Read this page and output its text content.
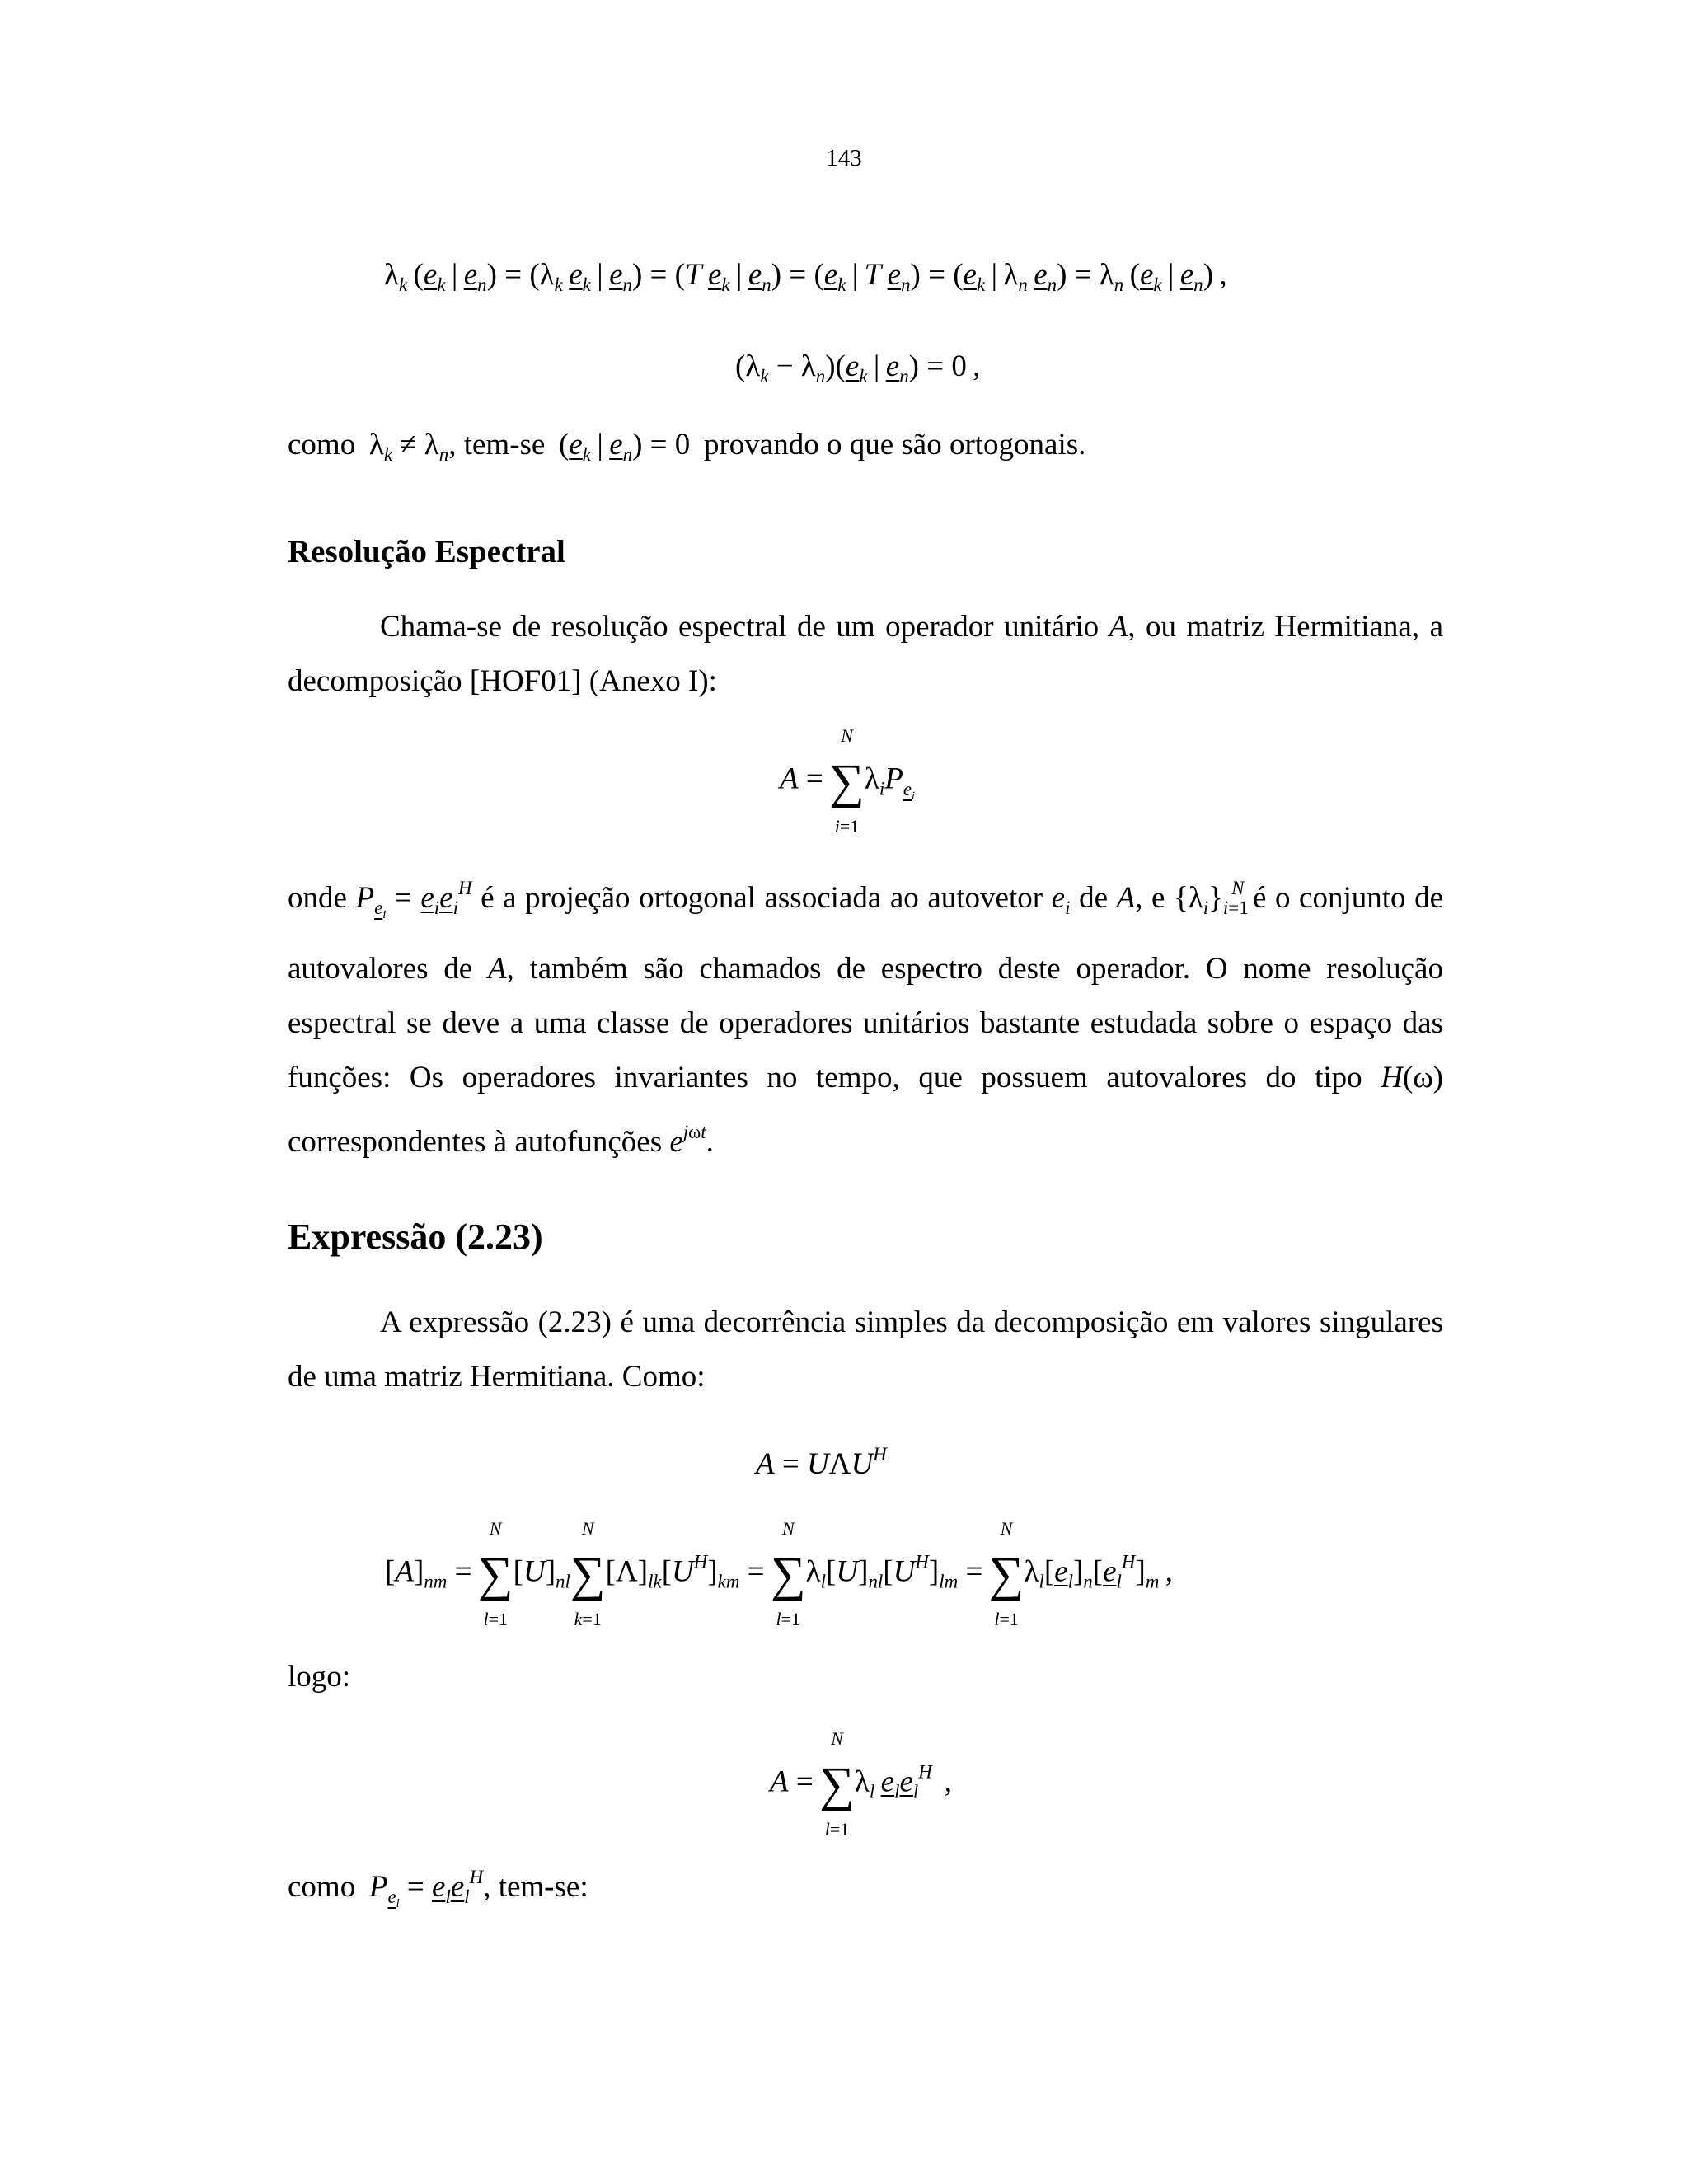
143
$\lambda_k$ ($e_k$ | $e_n) = (\lambda_k$  $e_k$ | $e_n) = (T$  $e_k$ | $e_n) = (e_k$ | T  $e_n) = (e_k$ | $\lambda_n$  $e_n) = \lambda_n$ ($e_k$ | $e_n$) ,
$(\lambda_k - \lambda_n)(e_k$ | $e_n) = 0$ ,
como  $\lambda_k \ne \lambda_n$, tem-se  ($e_k$ | $e_n) = 0$  provando o que são ortogonais.
Resolução Espectral
Chama-se de resolução espectral de um operador unitário A, ou matriz Hermitiana, a decomposição [HOF01] (Anexo I):
A = 
N
∑
i=1
$\lambda_iP_{e_i}$
onde $P_{e_i} = e_ie_i^H$ é a projeção ortogonal associada ao autovetor $e_i$ de A, e $\{\lambda_i\}_{i=1}^N$ é o conjunto de autovalores de A, também são chamados de espectro deste operador. O nome resolução espectral se deve a uma classe de operadores unitários bastante estudada sobre o espaço das funções: Os operadores invariantes no tempo, que possuem autovalores do tipo H(ω) correspondentes à autofunções $e^{j\omega t}$.
Expressão (2.23)
A expressão (2.23) é uma decorrência simples da decomposição em valores singulares de uma matriz Hermitiana. Como:
$A = U\Lambda U^H$
$[A]_{nm}$ = 
N
∑
l=1
$[U]_{nl}$
N
∑
k=1
$[\Lambda]_{lk}[U^H]_{km}$ = 
N
∑
l=1
$\lambda_l[U]_{nl}[U^H]_{lm}$ = 
N
∑
l=1
$\lambda_l[e_l]_n[e_l^H]_m$ ,
logo:
A = 
N
∑
l=1
$\lambda_l$  $e_le_l^H$  ,
como   $P_{e_l} = e_le_l^H$, tem-se:
